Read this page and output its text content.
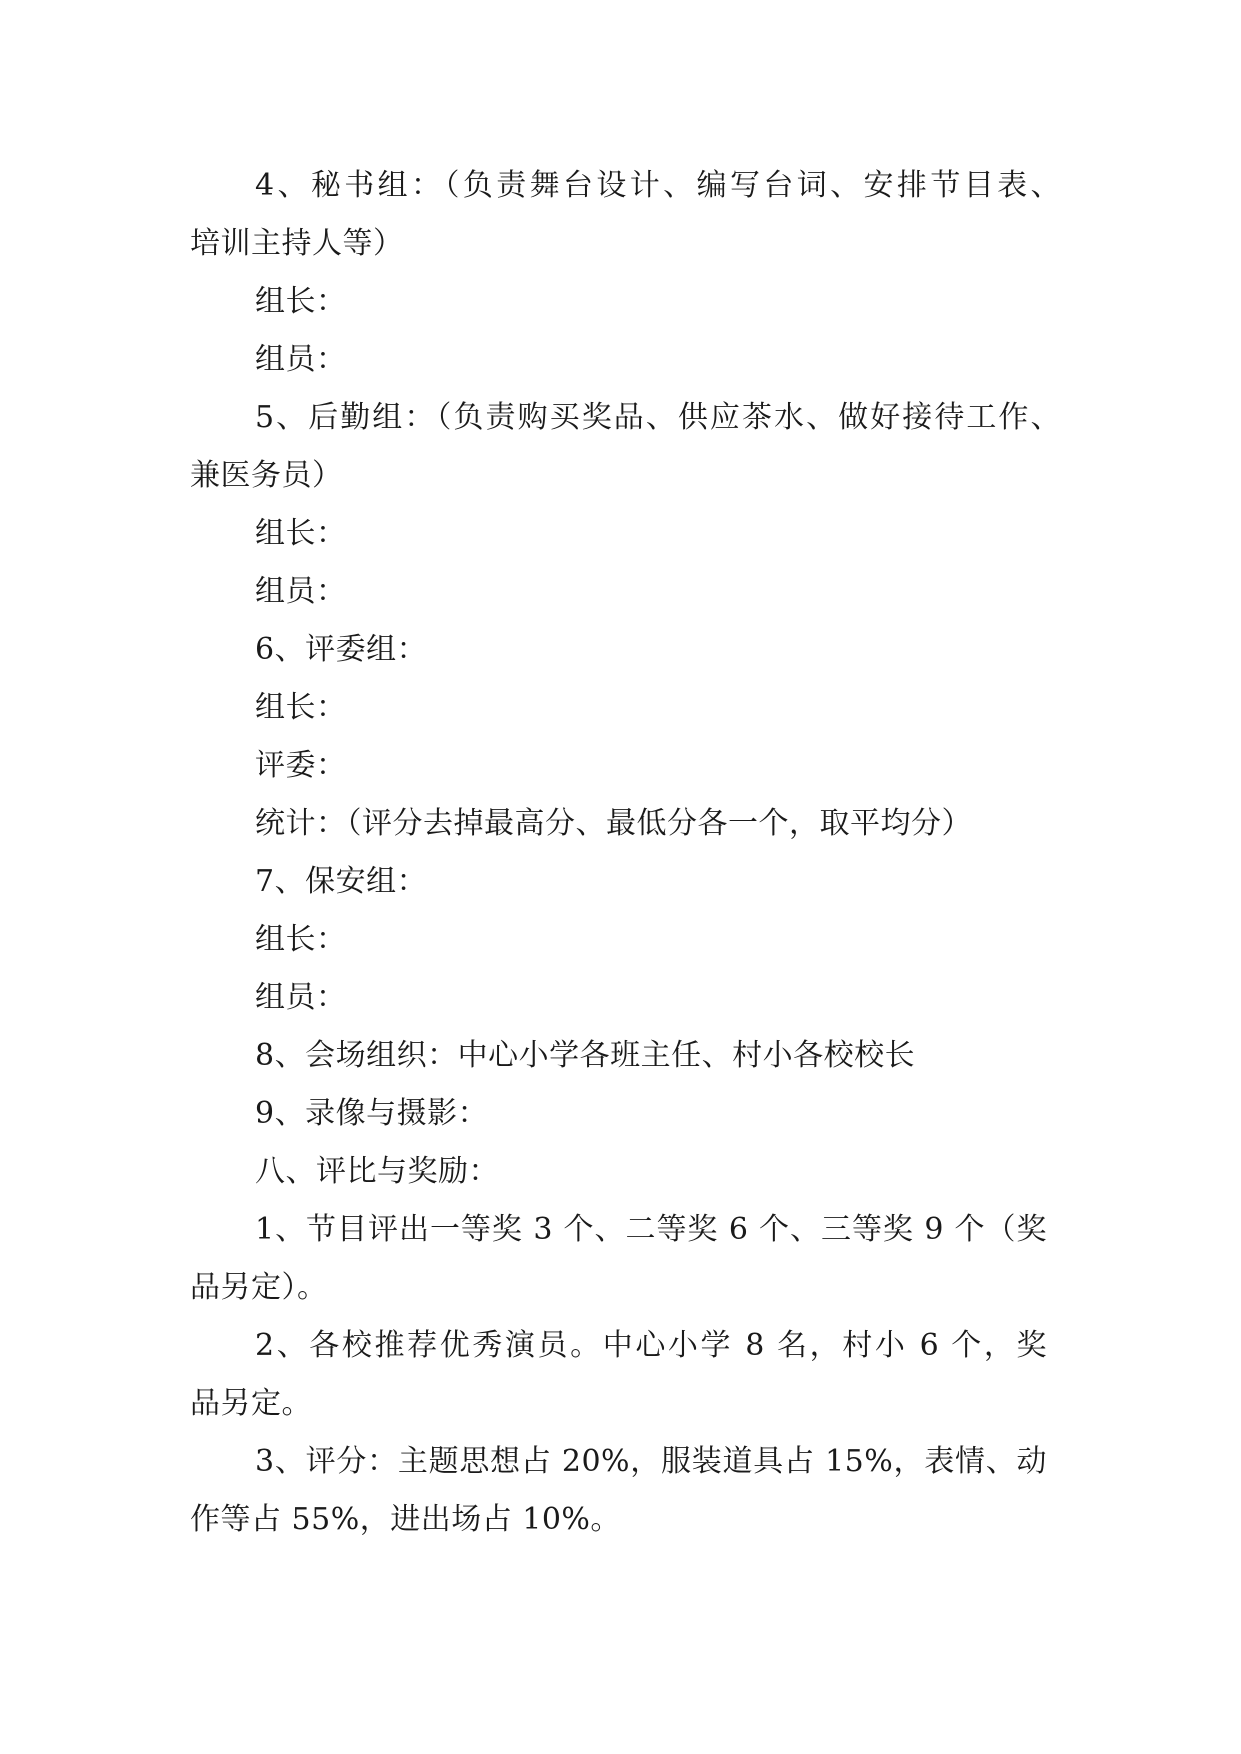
4、秘书组：（负责舞台设计、编写台词、安排节目表、
培训主持人等）
组长：
组员：
5、后勤组：（负责购买奖品、供应茶水、做好接待工作、
兼医务员）
组长：
组员：
6、评委组：
组长：
评委：
统计：（评分去掉最高分、最低分各一个，取平均分）
7、保安组：
组长：
组员：
8、会场组织：中心小学各班主任、村小各校校长
9、录像与摄影：
八、评比与奖励：
1、节目评出一等奖 3 个、二等奖 6 个、三等奖 9 个（奖
品另定）。
2、各校推荐优秀演员。中心小学 8 名，村小 6 个，奖
品另定。
3、评分：主题思想占 20%，服装道具占 15%，表情、动
作等占 55%，进出场占 10%。
